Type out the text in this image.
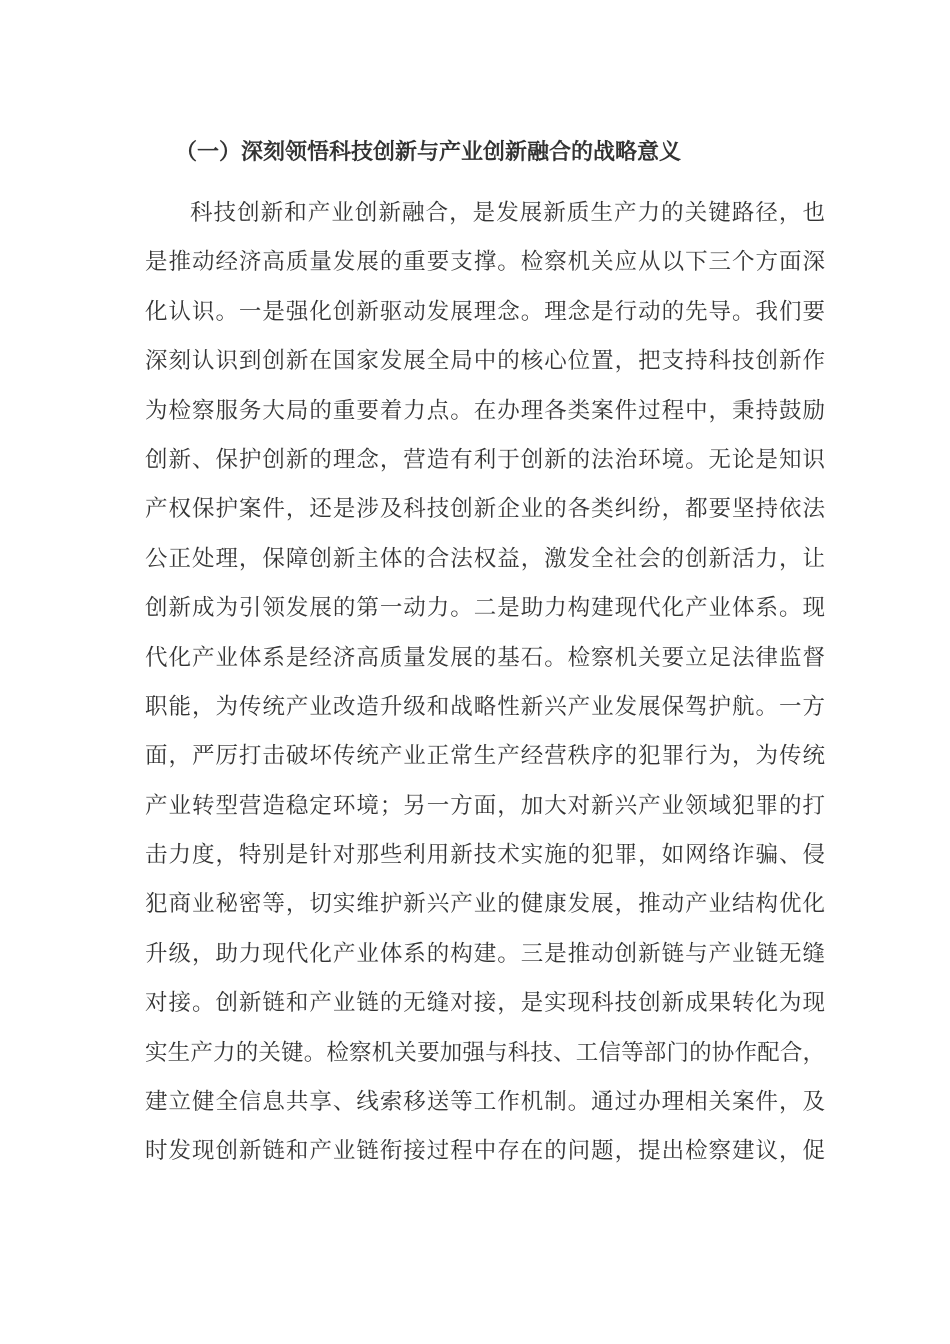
（一）深刻领悟科技创新与产业创新融合的战略意义
科技创新和产业创新融合，是发展新质生产力的关键路径，也
是推动经济高质量发展的重要支撑。检察机关应从以下三个方面深
化认识。一是强化创新驱动发展理念。理念是行动的先导。我们要
深刻认识到创新在国家发展全局中的核心位置，把支持科技创新作
为检察服务大局的重要着力点。在办理各类案件过程中，秉持鼓励
创新、保护创新的理念，营造有利于创新的法治环境。无论是知识
产权保护案件，还是涉及科技创新企业的各类纠纷，都要坚持依法
公正处理，保障创新主体的合法权益，激发全社会的创新活力，让
创新成为引领发展的第一动力。二是助力构建现代化产业体系。现
代化产业体系是经济高质量发展的基石。检察机关要立足法律监督
职能，为传统产业改造升级和战略性新兴产业发展保驾护航。一方
面，严厉打击破坏传统产业正常生产经营秩序的犯罪行为，为传统
产业转型营造稳定环境；另一方面，加大对新兴产业领域犯罪的打
击力度，特别是针对那些利用新技术实施的犯罪，如网络诈骗、侵
犯商业秘密等，切实维护新兴产业的健康发展，推动产业结构优化
升级，助力现代化产业体系的构建。三是推动创新链与产业链无缝
对接。创新链和产业链的无缝对接，是实现科技创新成果转化为现
实生产力的关键。检察机关要加强与科技、工信等部门的协作配合，
建立健全信息共享、线索移送等工作机制。通过办理相关案件，及
时发现创新链和产业链衔接过程中存在的问题，提出检察建议，促
